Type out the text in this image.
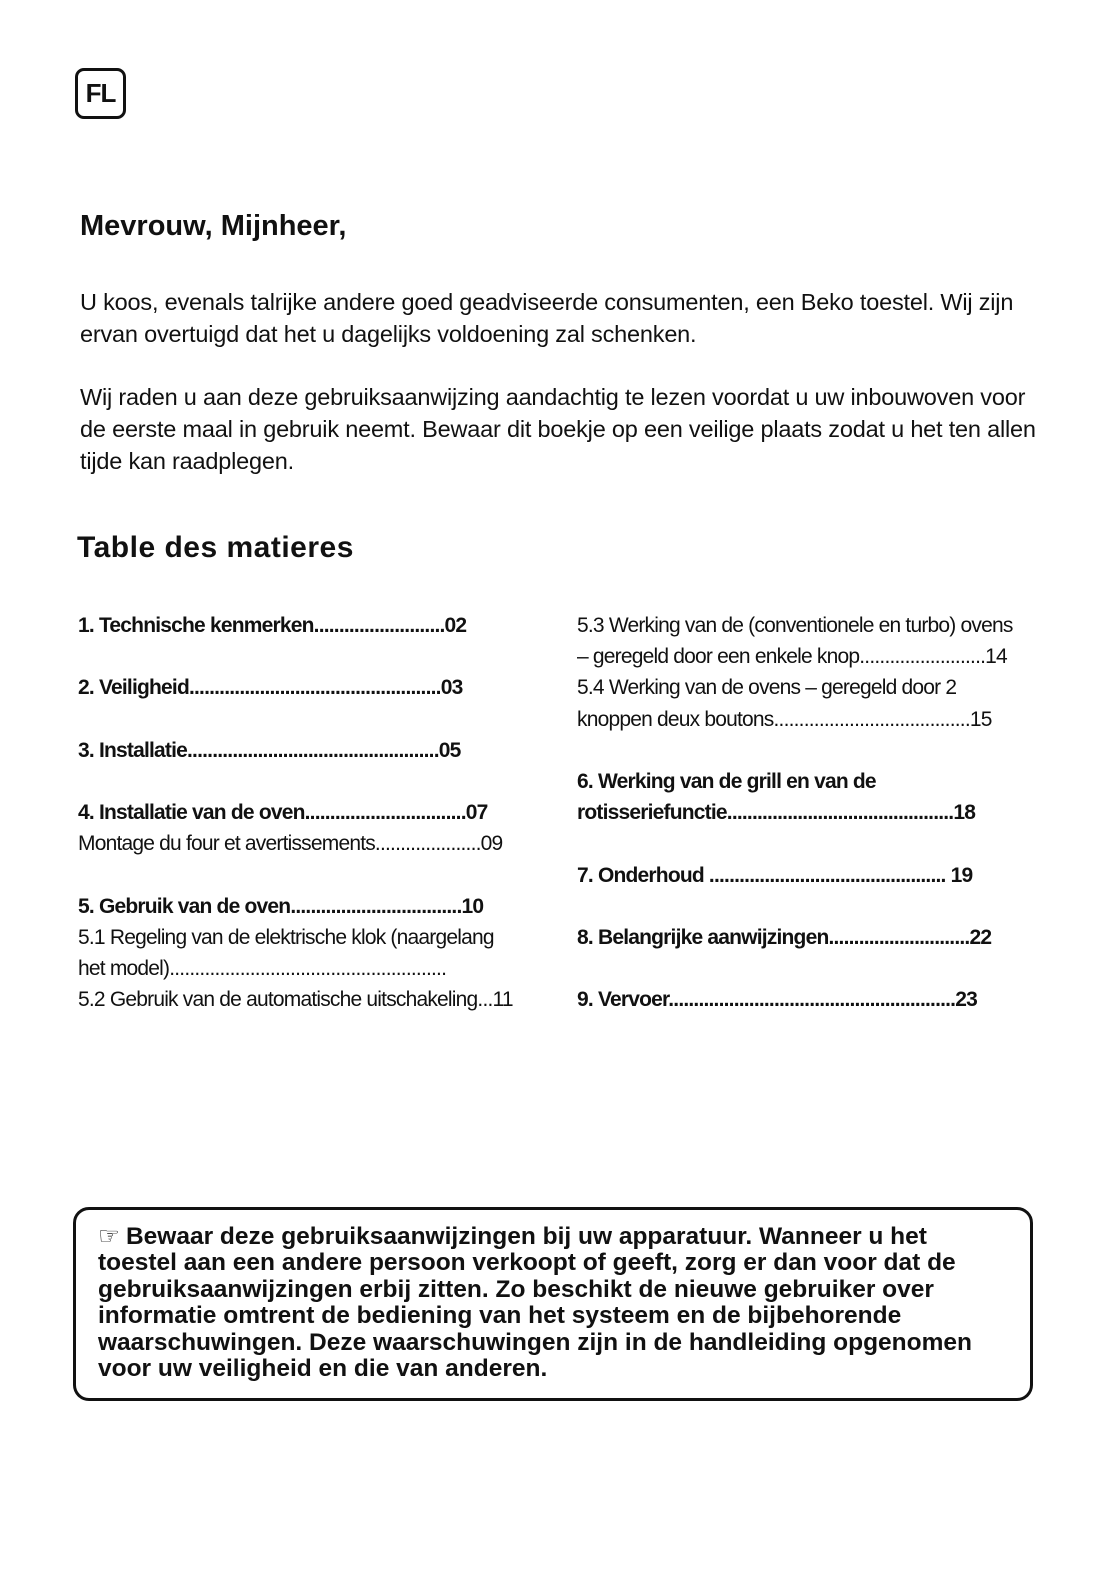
FL
Mevrouw, Mijnheer,

U koos, evenals talrijke andere goed geadviseerde consumenten, een Beko toestel. Wij zijn ervan overtuigd dat het u dagelijks voldoening zal schenken.

Wij raden u aan deze gebruiksaanwijzing aandachtig te lezen voordat u uw inbouwoven voor de eerste maal in gebruik neemt. Bewaar dit boekje op een veilige plaats zodat u het ten allen tijde kan raadplegen.

Table des matieres
1. Technische kenmerken..........................02
2. Veiligheid..................................................03
3. Installatie..................................................05
4. Installatie van de oven................................07
Montage du four et avertissements.....................09
5. Gebruik van de oven..................................10
5.1 Regeling van de elektrische klok (naargelang
het model).......................................................
5.2 Gebruik van de automatische uitschakeling...11
5.3 Werking van de (conventionele en turbo) ovens
– geregeld door een enkele knop.........................14
5.4 Werking van de ovens – geregeld door 2
knoppen deux boutons.......................................15
6. Werking van de grill en van de
rotisseriefunctie.............................................18
7. Onderhoud ............................................... 19
8. Belangrijke aanwijzingen............................22
9. Vervoer.........................................................23
☞ Bewaar deze gebruiksaanwijzingen bij uw apparatuur. Wanneer u het toestel aan een andere persoon verkoopt of geeft, zorg er dan voor dat de gebruiksaanwijzingen erbij zitten. Zo beschikt de nieuwe gebruiker over informatie omtrent de bediening van het systeem en de bijbehorende waarschuwingen. Deze waarschuwingen zijn in de handleiding opgenomen voor uw veiligheid en die van anderen.
